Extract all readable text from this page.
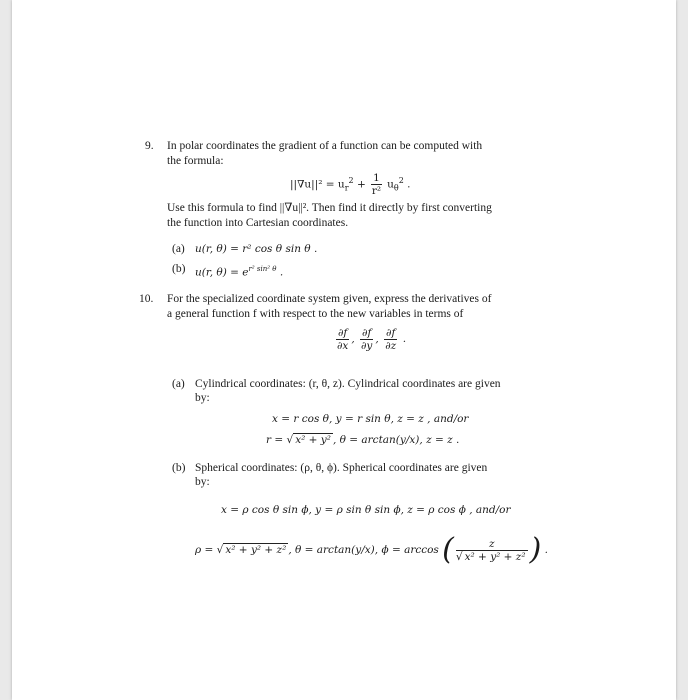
9. In polar coordinates the gradient of a function can be computed with
the formula:
$||\nabla u||^2 = u_r^2 + \frac{1}{\text{r²}} u_\theta^2$ .
Use this formula to find ||∇u||². Then find it directly by first converting
the function into Cartesian coordinates.
(a) u(r, θ) = r² cos θ sin θ .
(b) u(r, $\theta) = e^{r^2 sin^2 \theta}$ .
10. For the specialized coordinate system given, express the derivatives of
a general function f with respect to the new variables in terms of
$\frac{\partial f}{\partial x}$ , $\frac{\partial f}{\partial y}$ , $\frac{\partial f}{\partial z}$ .
(a) Cylindrical coordinates: (r, θ, z). Cylindrical coordinates are given
by:
x = r cos θ, y = r sin θ, z = z , and/or
r = √ x² + y² , θ = arctan(y/x), z = z .
(b) Spherical coordinates: (ρ, θ, ϕ). Spherical coordinates are given
by:
x = ρ cos θ sin ϕ, y = ρ sin θ sin ϕ, z = ρ cos ϕ , and/or
ρ = √ x² + y² + z² , θ = arctan(y/x), ϕ = arccos ( $\frac{z}{\text{√ x² + y² + z²}}$ ) .
